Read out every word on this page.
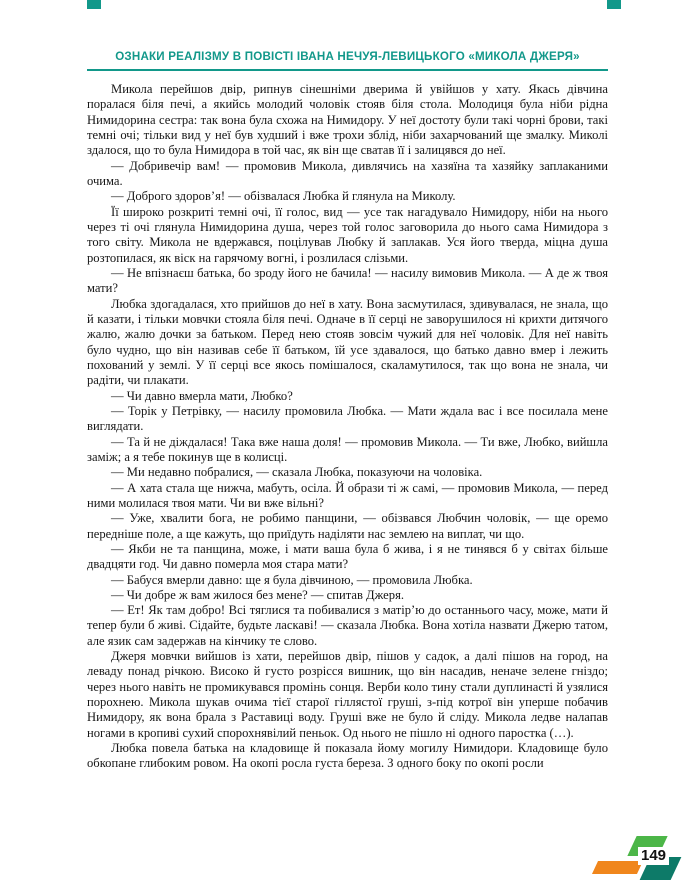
ОЗНАКИ РЕАЛІЗМУ В ПОВІСТІ ІВАНА НЕЧУЯ-ЛЕВИЦЬКОГО «МИКОЛА ДЖЕРЯ»

Микола перейшов двір, рипнув сінешніми дверима й увійшов у хату. Якась дівчина поралася біля печі, а якийсь молодий чоловік стояв біля стола. Молодиця була ніби рідна Нимидорина сестра: так вона була схожа на Нимидору. У неї достоту були такі чорні брови, такі темні очі; тільки вид у неї був худший і вже трохи зблід, ніби захарчований ще змалку. Миколі здалося, що то була Нимидора в той час, як він ще сватав її і залицявся до неї.

— Добривечір вам! — промовив Микола, дивлячись на хазяїна та хазяйку заплаканими очима.

— Доброго здоров’я! — обізвалася Любка й глянула на Миколу.

Її широко розкриті темні очі, її голос, вид — усе так нагадувало Нимидору, ніби на нього через ті очі глянула Нимидорина душа, через той голос заговорила до нього сама Нимидора з того світу. Микола не вдержався, поцілував Любку й заплакав. Уся його тверда, міцна душа розтопилася, як віск на гарячому вогні, і розлилася слізьми.

— Не впізнаєш батька, бо зроду його не бачила! — насилу вимовив Микола. — А де ж твоя мати?

Любка здогадалася, хто прийшов до неї в хату. Вона засмутилася, здивувалася, не знала, що й казати, і тільки мовчки стояла біля печі. Одначе в її серці не заворушилося ні крихти дитячого жалю, жалю дочки за батьком. Перед нею стояв зовсім чужий для неї чоловік. Для неї навіть було чудно, що він називав себе її батьком, їй усе здавалося, що батько давно вмер і лежить похований у землі. У її серці все якось помішалося, скаламутилося, так що вона не знала, чи радіти, чи плакати.

— Чи давно вмерла мати, Любко?

— Торік у Петрівку, — насилу промовила Любка. — Мати ждала вас і все посилала мене виглядати.

— Та й не діждалася! Така вже наша доля! — промовив Микола. — Ти вже, Любко, вийшла заміж; а я тебе покинув ще в колисці.

— Ми недавно побралися, — сказала Любка, показуючи на чоловіка.

— А хата стала ще нижча, мабуть, осіла. Й образи ті ж самі, — промовив Микола, — перед ними молилася твоя мати. Чи ви вже вільні?

— Уже, хвалити бога, не робимо панщини, — обізвався Любчин чоловік, — ще оремо передніше поле, а ще кажуть, що приїдуть наділяти нас землею на виплат, чи що.

— Якби не та панщина, може, і мати ваша була б жива, і я не тинявся б у світах більше двадцяти год. Чи давно померла моя стара мати?

— Бабуся вмерли давно: ще я була дівчиною, — промовила Любка.

— Чи добре ж вам жилося без мене? — спитав Джеря.

— Ет! Як там добро! Всі тяглися та побивалися з матір’ю до останнього часу, може, мати й тепер були б живі. Сідайте, будьте ласкаві! — сказала Любка. Вона хотіла назвати Джерю татом, але язик сам задержав на кінчику те слово.

Джеря мовчки вийшов із хати, перейшов двір, пішов у садок, а далі пішов на город, на леваду понад річкою. Високо й густо розрісся вишник, що він насадив, неначе зелене гніздо; через нього навіть не промикувався промінь сонця. Верби коло тину стали дуплинасті й узялися порохнею. Микола шукав очима тієї старої гіллястої груші, з-під котрої він уперше побачив Нимидору, як вона брала з Раставиці воду. Груші вже не було й сліду. Микола ледве налапав ногами в кропиві сухий спорохнявілий пеньок. Од нього не пішло ні одного паростка (…).

Любка повела батька на кладовище й показала йому могилу Нимидори. Кладовище було обкопане глибоким ровом. На окопі росла густа береза. З одного боку по окопі росли

149
